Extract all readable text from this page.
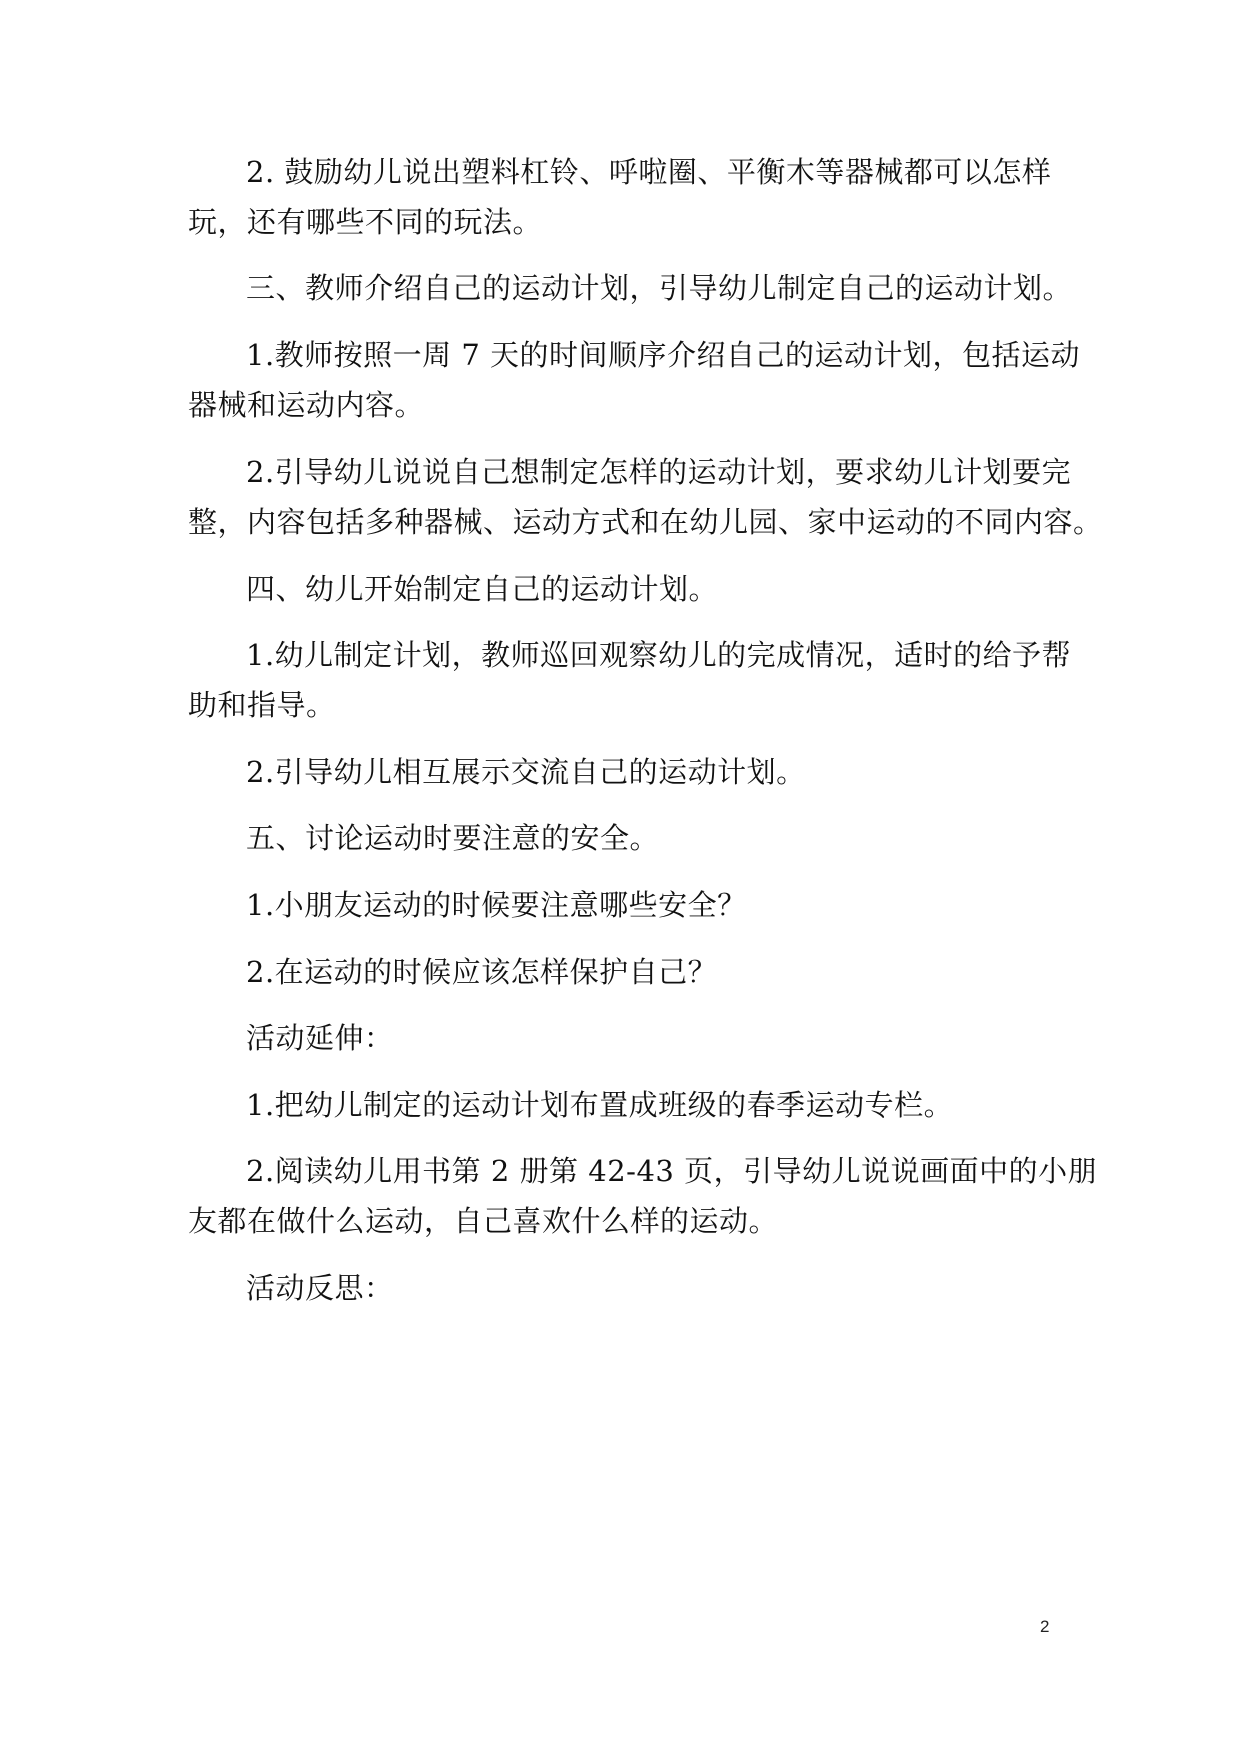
2. 鼓励幼儿说出塑料杠铃、呼啦圈、平衡木等器械都可以怎样
玩，还有哪些不同的玩法。
三、教师介绍自己的运动计划，引导幼儿制定自己的运动计划。
1.教师按照一周 7 天的时间顺序介绍自己的运动计划，包括运动
器械和运动内容。
2.引导幼儿说说自己想制定怎样的运动计划，要求幼儿计划要完
整，内容包括多种器械、运动方式和在幼儿园、家中运动的不同内容。
四、幼儿开始制定自己的运动计划。
1.幼儿制定计划，教师巡回观察幼儿的完成情况，适时的给予帮
助和指导。
2.引导幼儿相互展示交流自己的运动计划。
五、讨论运动时要注意的安全。
1.小朋友运动的时候要注意哪些安全？
2.在运动的时候应该怎样保护自己？
活动延伸：
1.把幼儿制定的运动计划布置成班级的春季运动专栏。
2.阅读幼儿用书第 2 册第 42-43 页，引导幼儿说说画面中的小朋
友都在做什么运动，自己喜欢什么样的运动。
活动反思：
2
